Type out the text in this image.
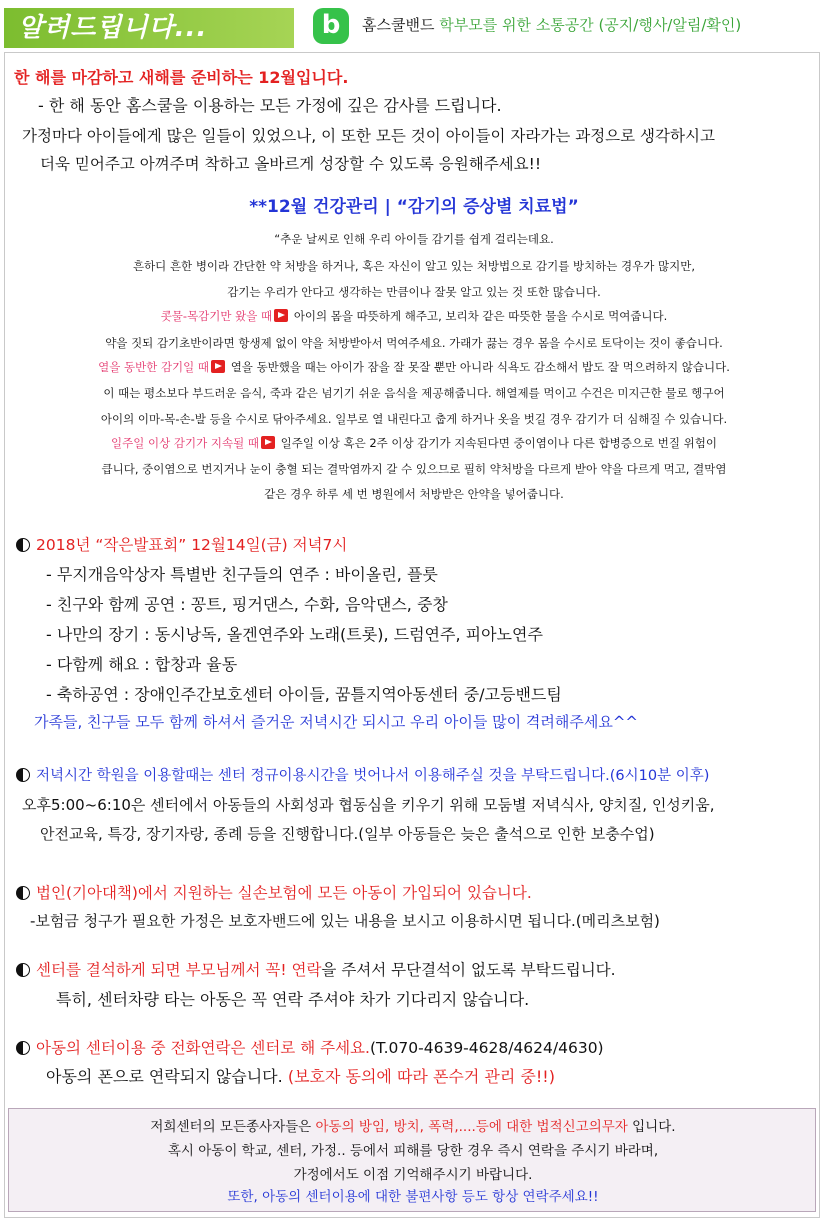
알려드립니다...
b	홈스쿨밴드 학부모를 위한 소통공간 (공지/행사/알림/확인)
한 해를 마감하고 새해를 준비하는 12월입니다.
- 한 해 동안 홈스쿨을 이용하는 모든 가정에 깊은 감사를 드립니다.
가정마다 아이들에게 많은 일들이 있었으나, 이 또한 모든 것이 아이들이 자라가는 과정으로 생각하시고
더욱 믿어주고 아껴주며 착하고 올바르게 성장할 수 있도록 응원해주세요!!
**12월 건강관리 | “감기의 증상별 치료법”
“추운 날씨로 인해 우리 아이들 감기를 쉽게 걸리는데요.
흔하디 흔한 병이라 간단한 약 처방을 하거나, 혹은 자신이 알고 있는 처방법으로 감기를 방치하는 경우가 많지만,
감기는 우리가 안다고 생각하는 만큼이나 잘못 알고 있는 것 또한 많습니다.
콧물-목감기만 왔을 때 아이의 몸을 따뜻하게 해주고, 보리차 같은 따뜻한 물을 수시로 먹여줍니다.
약을 짓되 감기초반이라면 항생제 없이 약을 처방받아서 먹여주세요. 가래가 끓는 경우 몸을 수시로 토닥이는 것이 좋습니다.
열을 동반한 감기일 때 열을 동반했을 때는 아이가 잠을 잘 못잘 뿐만 아니라 식욕도 감소해서 밥도 잘 먹으려하지 않습니다.
이 때는 평소보다 부드러운 음식, 죽과 같은 넘기기 쉬운 음식을 제공해줍니다. 해열제를 먹이고 수건은 미지근한 물로 헹구어
아이의 이마-목-손-발 등을 수시로 닦아주세요. 일부로 열 내린다고 춥게 하거나 옷을 벗길 경우 감기가 더 심해질 수 있습니다.
일주일 이상 감기가 지속될 때 일주일 이상 혹은 2주 이상 감기가 지속된다면 중이염이나 다른 합병증으로 번질 위험이
큽니다, 중이염으로 번지거나 눈이 충혈 되는 결막염까지 갈 수 있으므로 필히 약처방을 다르게 받아 약을 다르게 먹고, 결막염
같은 경우 하루 세 번 병원에서 처방받은 안약을 넣어줍니다.
2018년 “작은발표회” 12월14일(금) 저녁7시
- 무지개음악상자 특별반 친구들의 연주 : 바이올린, 플룻
- 친구와 함께 공연 : 꽁트, 핑거댄스, 수화, 음악댄스, 중창
- 나만의 장기 : 동시낭독, 올겐연주와 노래(트롯), 드럼연주, 피아노연주
- 다함께 해요 : 합창과 율동
- 축하공연 : 장애인주간보호센터 아이들, 꿈틀지역아동센터 중/고등밴드팀
가족들, 친구들 모두 함께 하셔서 즐거운 저녁시간 되시고 우리 아이들 많이 격려해주세요^^
저녁시간 학원을 이용할때는 센터 정규이용시간을 벗어나서 이용해주실 것을 부탁드립니다.(6시10분 이후)
오후5:00~6:10은 센터에서 아동들의 사회성과 협동심을 키우기 위해 모둠별 저녁식사, 양치질, 인성키움,
안전교육, 특강, 장기자랑, 종례 등을 진행합니다.(일부 아동들은 늦은 출석으로 인한 보충수업)
법인(기아대책)에서 지원하는 실손보험에 모든 아동이 가입되어 있습니다.
-보험금 청구가 필요한 가정은 보호자밴드에 있는 내용을 보시고 이용하시면 됩니다.(메리츠보험)
센터를 결석하게 되면 부모님께서 꼭! 연락을 주셔서 무단결석이 없도록 부탁드립니다.
특히, 센터차량 타는 아동은 꼭 연락 주셔야 차가 기다리지 않습니다.
아동의 센터이용 중 전화연락은 센터로 해 주세요.(T.070-4639-4628/4624/4630)
아동의 폰으로 연락되지 않습니다. (보호자 동의에 따라 폰수거 관리 중!!)
저희센터의 모든종사자들은 아동의 방임, 방치, 폭력,....등에 대한 법적신고의무자 입니다.
혹시 아동이 학교, 센터, 가정.. 등에서 피해를 당한 경우 즉시 연락을 주시기 바라며,
가정에서도 이점 기억해주시기 바랍니다.
또한, 아동의 센터이용에 대한 불편사항 등도 항상 연락주세요!!
